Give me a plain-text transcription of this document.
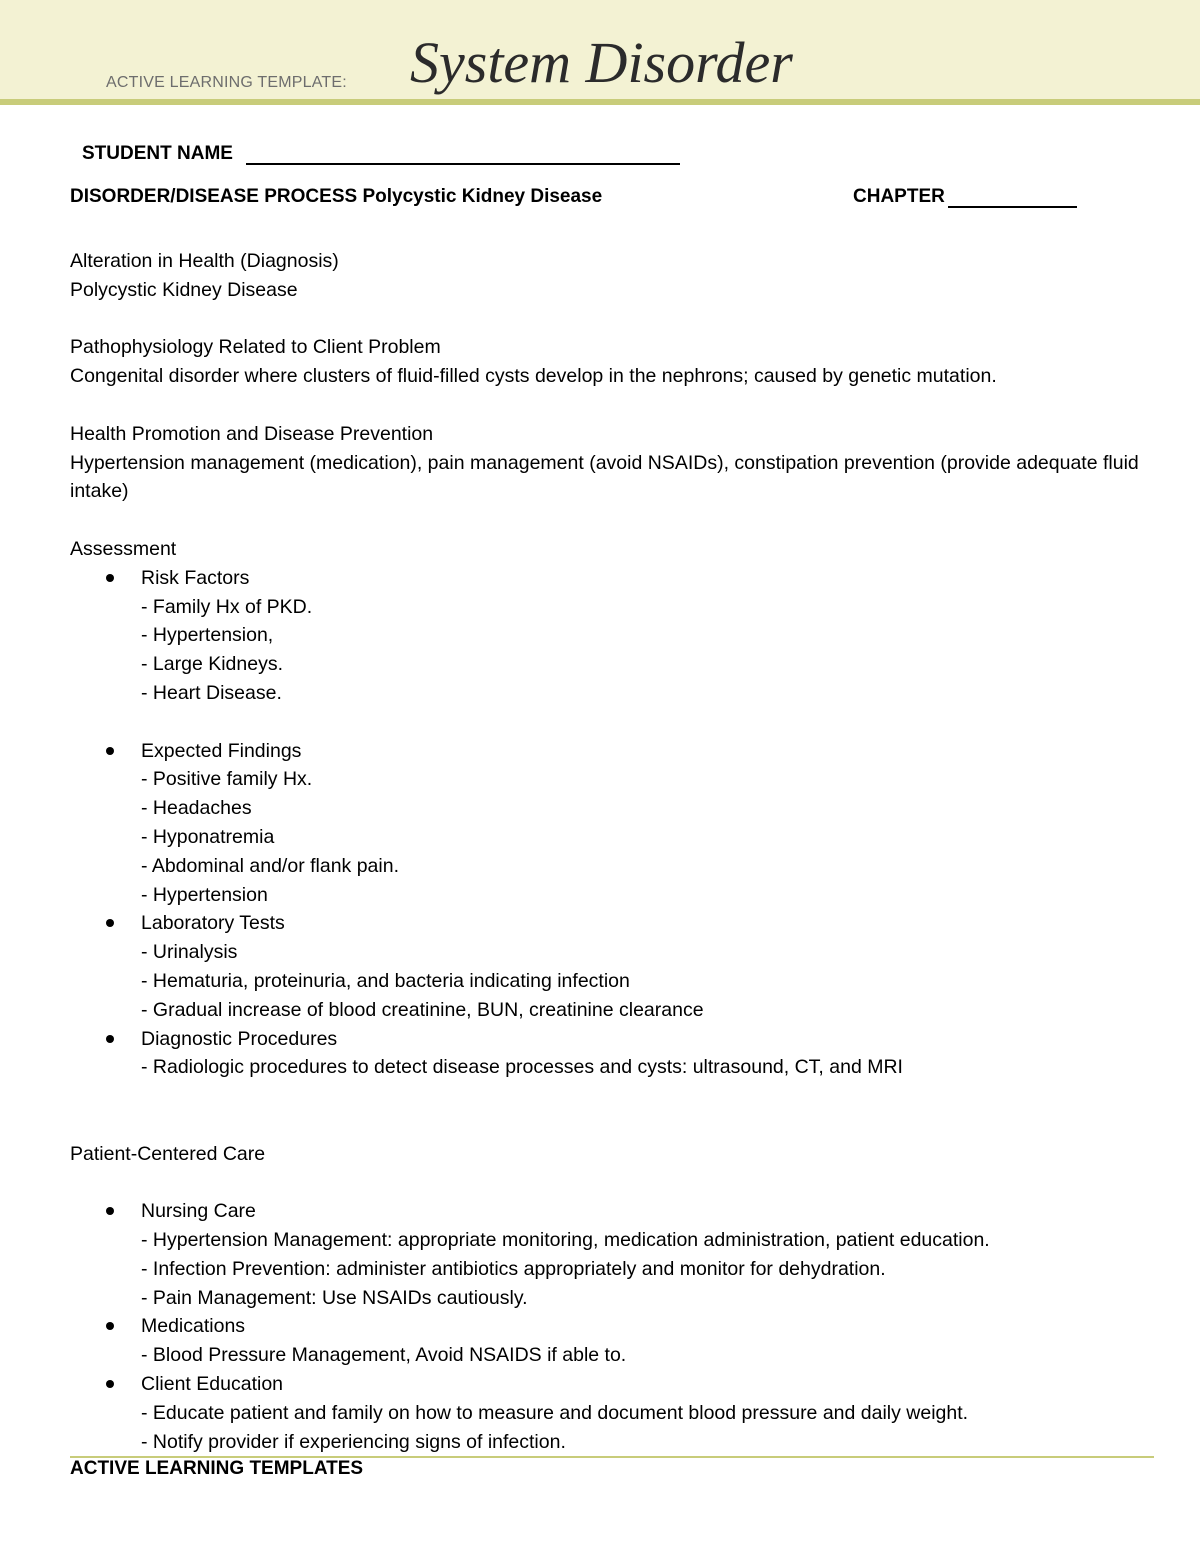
ACTIVE LEARNING TEMPLATE: System Disorder
STUDENT NAME
DISORDER/DISEASE PROCESS Polycystic Kidney Disease	CHAPTER

Alteration in Health (Diagnosis)

Polycystic Kidney Disease

Pathophysiology Related to Client Problem

Congenital disorder where clusters of fluid-filled cysts develop in the nephrons; caused by genetic mutation.

Health Promotion and Disease Prevention

Hypertension management (medication), pain management (avoid NSAIDs), constipation prevention (provide adequate fluid intake)

Assessment

Risk Factors
- Family Hx of PKD.
- Hypertension,
- Large Kidneys.
- Heart Disease.
Expected Findings
- Positive family Hx.
- Headaches
- Hyponatremia
- Abdominal and/or flank pain.
- Hypertension
Laboratory Tests
- Urinalysis
- Hematuria, proteinuria, and bacteria indicating infection
- Gradual increase of blood creatinine, BUN, creatinine clearance
Diagnostic Procedures
- Radiologic procedures to detect disease processes and cysts: ultrasound, CT, and MRI

Patient-Centered Care

Nursing Care
- Hypertension Management: appropriate monitoring, medication administration, patient education.
- Infection Prevention: administer antibiotics appropriately and monitor for dehydration.
- Pain Management: Use NSAIDs cautiously.
Medications
- Blood Pressure Management, Avoid NSAIDS if able to.
Client Education
- Educate patient and family on how to measure and document blood pressure and daily weight.
- Notify provider if experiencing signs of infection.
ACTIVE LEARNING TEMPLATES
